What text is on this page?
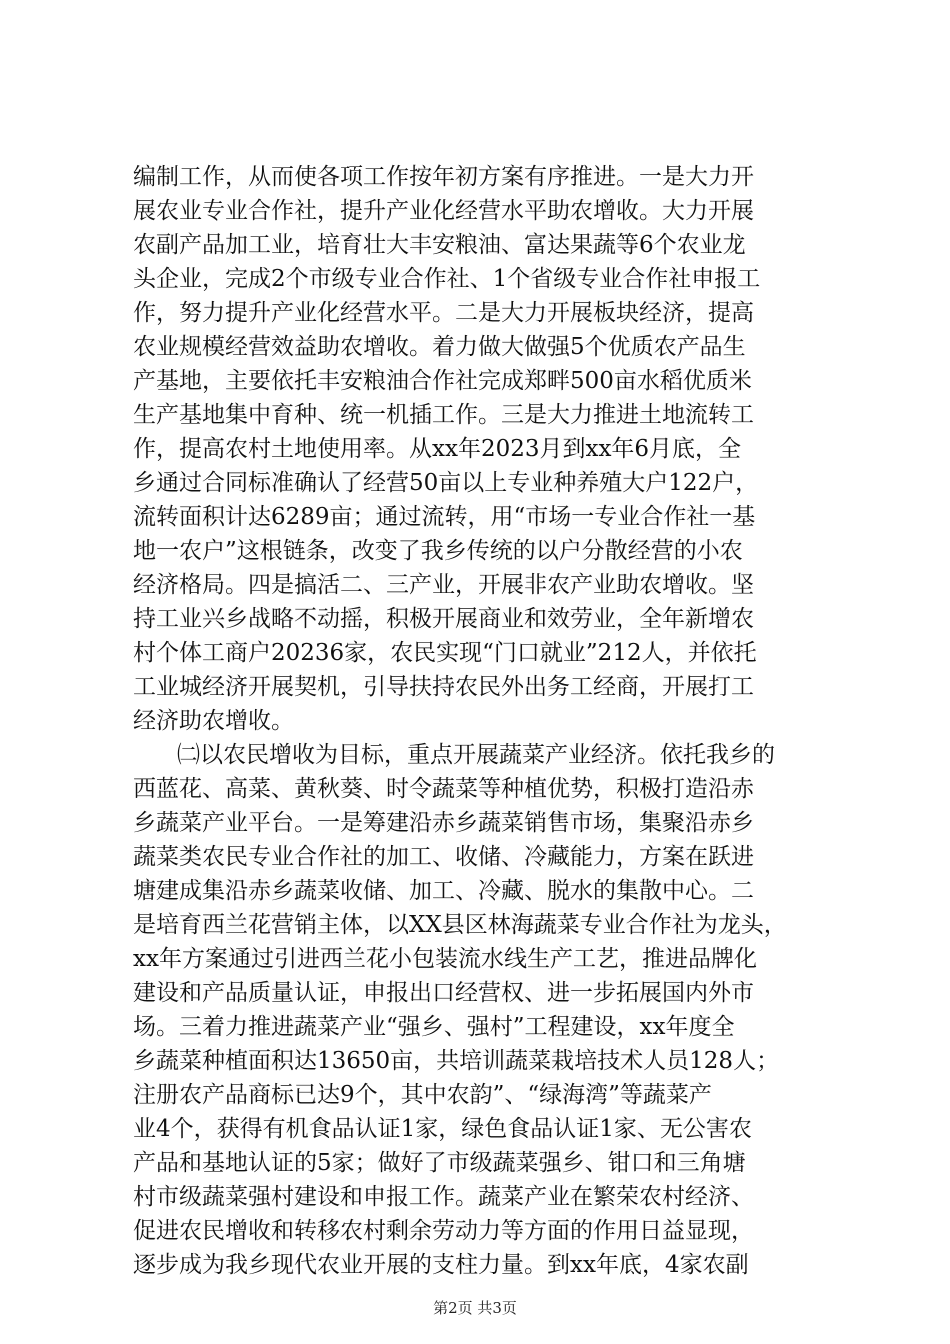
编制工作，从而使各项工作按年初方案有序推进。一是大力开
展农业专业合作社，提升产业化经营水平助农增收。大力开展
农副产品加工业，培育壮大丰安粮油、富达果蔬等6个农业龙
头企业，完成2个市级专业合作社、1个省级专业合作社申报工
作，努力提升产业化经营水平。二是大力开展板块经济，提高
农业规模经营效益助农增收。着力做大做强5个优质农产品生
产基地，主要依托丰安粮油合作社完成郑畔500亩水稻优质米
生产基地集中育种、统一机插工作。三是大力推进土地流转工
作，提高农村土地使用率。从xx年2023月到xx年6月底，全
乡通过合同标准确认了经营50亩以上专业种养殖大户122户，
流转面积计达6289亩；通过流转，用“市场一专业合作社一基
地一农户”这根链条，改变了我乡传统的以户分散经营的小农
经济格局。四是搞活二、三产业，开展非农产业助农增收。坚
持工业兴乡战略不动摇，积极开展商业和效劳业，全年新增农
村个体工商户20236家，农民实现“门口就业”212人，并依托
工业城经济开展契机，引导扶持农民外出务工经商，开展打工
经济助农增收。
㈡以农民增收为目标，重点开展蔬菜产业经济。依托我乡的
西蓝花、高菜、黄秋葵、时令蔬菜等种植优势，积极打造沿赤
乡蔬菜产业平台。一是筹建沿赤乡蔬菜销售市场，集聚沿赤乡
蔬菜类农民专业合作社的加工、收储、冷藏能力，方案在跃进
塘建成集沿赤乡蔬菜收储、加工、冷藏、脱水的集散中心。二
是培育西兰花营销主体，以XX县区林海蔬菜专业合作社为龙头，
xx年方案通过引进西兰花小包装流水线生产工艺，推进品牌化
建设和产品质量认证，申报出口经营权、进一步拓展国内外市
场。三着力推进蔬菜产业“强乡、强村”工程建设，xx年度全
乡蔬菜种植面积达13650亩，共培训蔬菜栽培技术人员128人；
注册农产品商标已达9个，其中农韵”、“绿海湾”等蔬菜产
业4个，获得有机食品认证1家，绿色食品认证1家、无公害农
产品和基地认证的5家；做好了市级蔬菜强乡、钳口和三角塘
村市级蔬菜强村建设和申报工作。蔬菜产业在繁荣农村经济、
促进农民增收和转移农村剩余劳动力等方面的作用日益显现，
逐步成为我乡现代农业开展的支柱力量。到xx年底，4家农副
第2页 共3页
